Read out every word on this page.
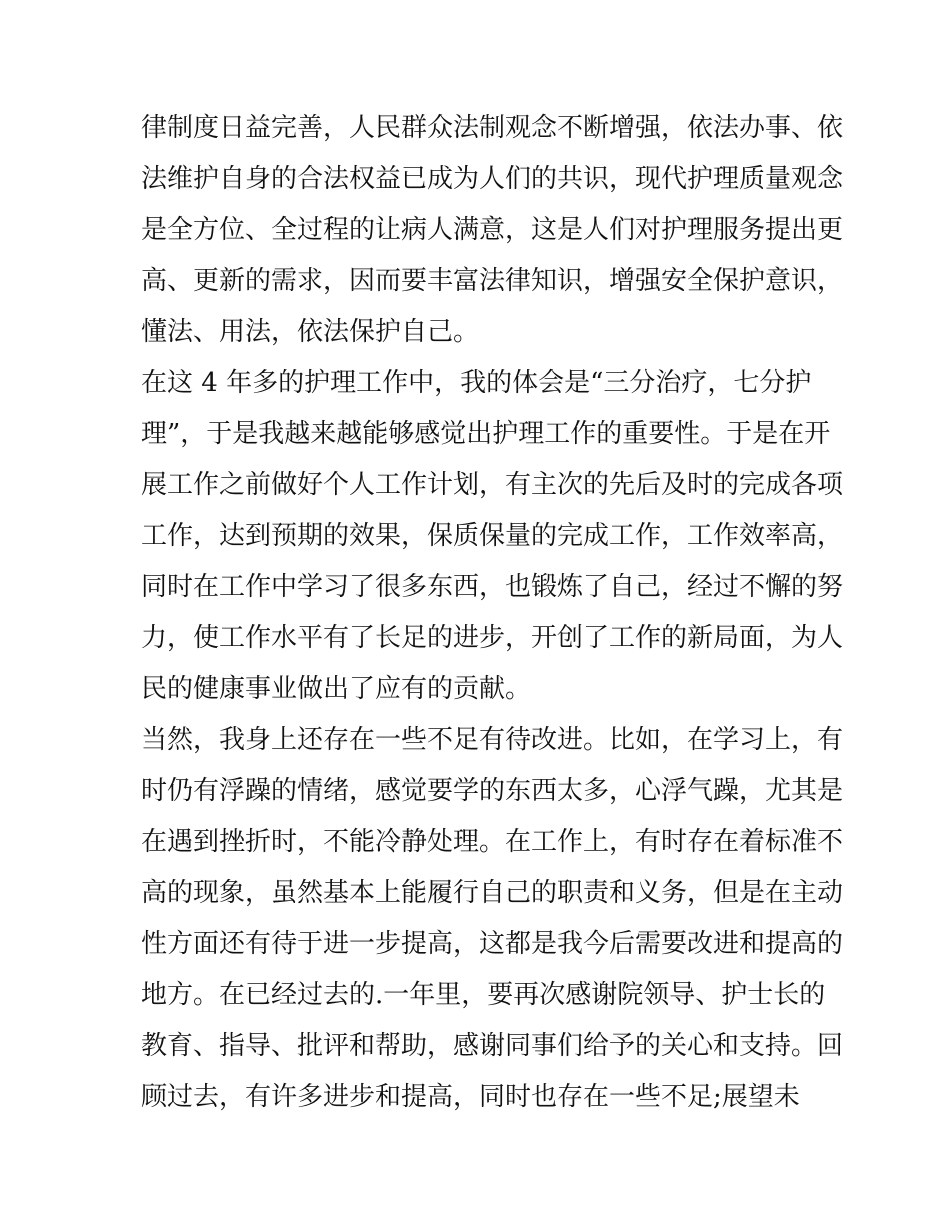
律制度日益完善，人民群众法制观念不断增强，依法办事、依
法维护自身的合法权益已成为人们的共识，现代护理质量观念
是全方位、全过程的让病人满意，这是人们对护理服务提出更
高、更新的需求，因而要丰富法律知识，增强安全保护意识，
懂法、用法，依法保护自己。
在这 4 年多的护理工作中，我的体会是“三分治疗，七分护
理”，于是我越来越能够感觉出护理工作的重要性。于是在开
展工作之前做好个人工作计划，有主次的先后及时的完成各项
工作，达到预期的效果，保质保量的完成工作，工作效率高，
同时在工作中学习了很多东西，也锻炼了自己，经过不懈的努
力，使工作水平有了长足的进步，开创了工作的新局面，为人
民的健康事业做出了应有的贡献。
当然，我身上还存在一些不足有待改进。比如，在学习上，有
时仍有浮躁的情绪，感觉要学的东西太多，心浮气躁，尤其是
在遇到挫折时，不能冷静处理。在工作上，有时存在着标准不
高的现象，虽然基本上能履行自己的职责和义务，但是在主动
性方面还有待于进一步提高，这都是我今后需要改进和提高的
地方。在已经过去的.一年里，要再次感谢院领导、护士长的
教育、指导、批评和帮助，感谢同事们给予的关心和支持。回
顾过去，有许多进步和提高，同时也存在一些不足;展望未
